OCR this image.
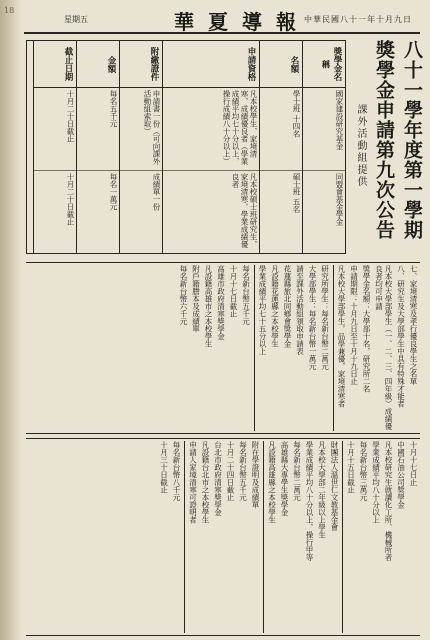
18
中華民國八十一年十月九日
華夏導報
星期五
八十一學年度第一學期
獎學金申請第九次公告
課外活動組提供
獎學金名稱
國家建設研究基金
同盟會基金學金
名額
學士班 十四名
碩士班 五名
申請資格
凡本校學生，家境清寒，成績優良者（學業成績平均七十分以上，操行成績八十分以上）
凡本校碩士班研究生，家境清寒，學業成績優良者
附繳證件
申請書一份（可向課外活動組索取）
成績單一份
金額
每名五千元
每名一萬元
截止日期
十月二十日截止
十月二十日截止
七、家境清寒及孝行優良學生之名單
八、研究生及大學部學生中具有特殊才能者
凡本校大學部學生（一、二、三、四年級）成績優良者均可申請
獎學金名額：大學部十名，研究所二名
申請期限：十月九日至十月十九日止
凡本校大學部學生，品學兼優，家境清寒者
研究所學生：每名新台幣二萬元
大學部學生：每名新台幣一萬元
請至課外活動組領取申請表
花蓮縣旅北同鄉會獎學金
凡設籍花蓮縣之本校學生
學業成績平均七十五分以上
每名新台幣五千元
十月十七日截止
高雄市政府清寒獎學金
凡設籍高雄市之本校學生
附戶籍謄本及成績單
每名新台幣六千元
十月十七日止
中國石油公司獎學金
凡本校研究生就讀化工所、機械所者
學業成績平均八十分以上
每名新台幣三萬元
十月十五日截止
財團法人溫世仁文教基金會
凡本校大學部二年級以上學生
學業成績平均八十分以上，操行甲等
每名新台幣二萬元
高雄縣大專學生獎學金
凡設籍高雄縣之本校學生
附在學證明及成績單
每名新台幣五千元
十月二十四日截止
台北市政府清寒獎學金
凡設籍台北市之本校學生
申請人家境清寒可證明者
每名新台幣八千元
十月三十日截止
